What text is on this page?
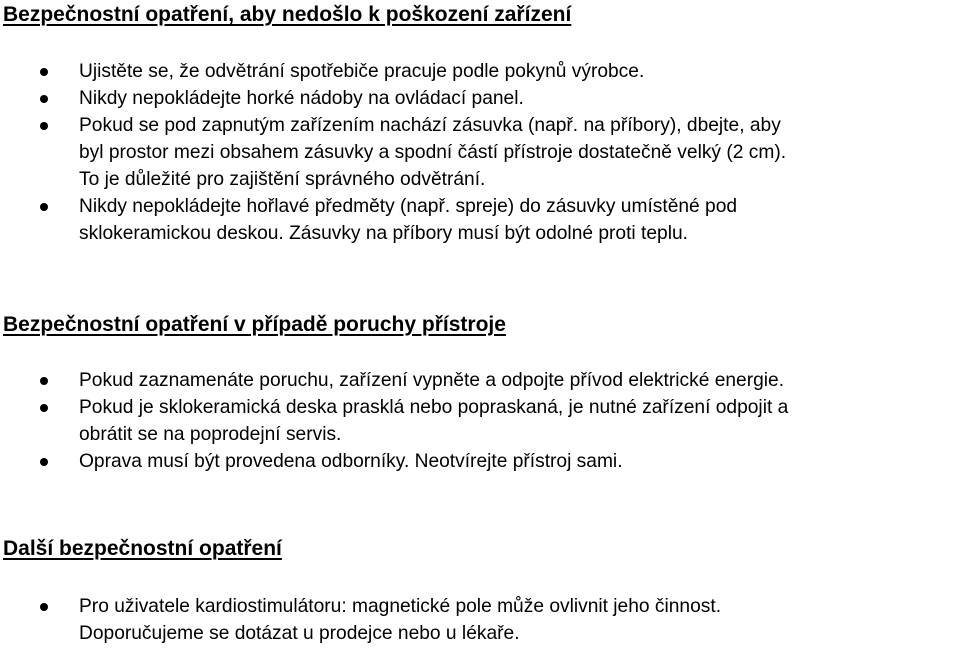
Bezpečnostní opatření, aby nedošlo k poškození zařízení
Ujistěte se, že odvětrání spotřebiče pracuje podle pokynů výrobce.
Nikdy nepokládejte horké nádoby na ovládací panel.
Pokud se pod zapnutým zařízením nachází zásuvka (např. na příbory), dbejte, aby
byl prostor mezi obsahem zásuvky a spodní částí přístroje dostatečně velký (2 cm).
To je důležité pro zajištění správného odvětrání.
Nikdy nepokládejte hořlavé předměty (např. spreje) do zásuvky umístěné pod
sklokeramickou deskou. Zásuvky na příbory musí být odolné proti teplu.
Bezpečnostní opatření v případě poruchy přístroje
Pokud zaznamenáte poruchu, zařízení vypněte a odpojte přívod elektrické energie.
Pokud je sklokeramická deska prasklá nebo popraskaná, je nutné zařízení odpojit a
obrátit se na poprodejní servis.
Oprava musí být provedena odborníky. Neotvírejte přístroj sami.
Další bezpečnostní opatření
Pro uživatele kardiostimulátoru: magnetické pole může ovlivnit jeho činnost.
Doporučujeme se dotázat u prodejce nebo u lékaře.
